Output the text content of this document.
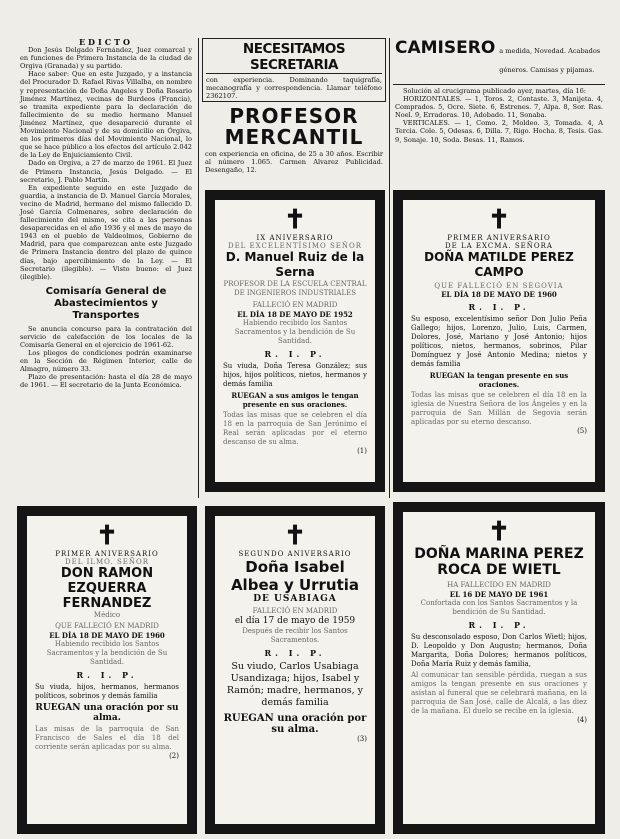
EDICTO
Don Jesús Delgado Fernández, Juez comarcal y en funciones de Primera Instancia de la ciudad de Orgiva (Granada) y su partido.
Hace saber: Que en este Juzgado, y a instancia del Procurador D. Rafael Rivas Villalba, en nombre y representación de Doña Angeles y Doña Rosario Jiménez Martínez, vecinas de Burdeos (Francia), se tramita expediente para la declaración de fallecimiento de su medio hermano Manuel Jiménez Martínez, que desapareció durante el Movimiento Nacional y de su domicilio en Órgiva, en los primeros días del Movimiento Nacional, lo que se hace público a los efectos del artículo 2.042 de la Ley de Enjuiciamiento Civil.
Dado en Orgiva, a 27 de marzo de 1961. El Juez de Primera Instancia, Jesús Delgado. — El secretario, J. Pablo Martín.
En expediente seguido en este Juzgado de guardia, a instancia de D. Manuel García Morales, vecino de Madrid, hermano del mismo fallecido D. José García Colmenares, sobre declaración de fallecimiento del mismo, se cita a las personas desaparecidas en el año 1936 y el mes de mayo de 1943 en el pueblo de Valdeolmos, Gobierno de Madrid, para que comparezcan ante este Juzgado de Primera Instancia dentro del plazo de quince días, bajo apercibimiento de la Ley. — El Secretario (ilegible). — Visto bueno: el Juez (ilegible).
Comisaría General de Abastecimientos y Transportes
Se anuncia concurso para la contratación del servicio de calefacción de los locales de la Comisaría General en el ejercicio de 1961-62.
Los pliegos de condiciones podrán examinarse en la Sección de Régimen Interior, calle de Almagro, número 33.
Plazo de presentación: hasta el día 28 de mayo de 1961. — El secretario de la Junta Económica.
NECESITAMOS SECRETARIA
con experiencia. Dominando taquigrafía, mecanografía y correspondencia. Llamar teléfono 2362107.
PROFESOR MERCANTIL
con experiencia en oficina, de 25 a 30 años. Escribir al número 1.065. Carmen Alvarez Publicidad. Desengaño, 12.
CAMISERO a medida, Novedad. Acabados géneros. Camisas y pijamas.
Solución al crucigrama publicado ayer, martes, día 16:
HORIZONTALES. — 1, Toros. 2, Contaste. 3, Manijeta. 4, Comprados. 5, Ocre. Siete. 6, Estrenes. 7, Alpa. 8, Sor. Ras. Noel. 9, Erradoras. 10, Adobado. 11, Sonaba.
VERTICALES. — 1, Como. 2, Moldeo. 3, Tomada. 4, A Tercia. Cole. 5, Odesas. 6, Dilla. 7, Rigo. Hocha. 8, Tesis. Gas. 9, Sonaje. 10, Soda. Besas. 11, Ramos.
✝
IX ANIVERSARIO
DEL EXCELENTÍSIMO SEÑOR
D. Manuel Ruiz de la Serna
PROFESOR DE LA ESCUELA CENTRAL DE INGENIEROS INDUSTRIALES
FALLECIÓ EN MADRID
EL DÍA 18 DE MAYO DE 1952
Habiendo recibido los Santos Sacramentos y la bendición de Su Santidad.
R. I. P.
Su viuda, Doña Teresa González; sus hijos, hijos políticos, nietos, hermanos y demás familia
RUEGAN a sus amigos le tengan presente en sus oraciones.
Todas las misas que se celebren el día 18 en la parroquia de San Jerónimo el Real serán aplicadas por el eterno descanso de su alma.
(1)
✝
PRIMER ANIVERSARIO
DE LA EXCMA. SEÑORA
DOÑA MATILDE PEREZ CAMPO
QUE FALLECIÓ EN SEGOVIA
EL DÍA 18 DE MAYO DE 1960
R. I. P.
Su esposo, excelentísimo señor Don Julio Peña Gallego; hijos, Lorenzo, Julio, Luis, Carmen, Dolores, José, Mariano y José Antonio; hijos políticos, nietos, hermanos, sobrinos, Pilar Domínguez y José Antonio Medina; nietos y demás familia
RUEGAN la tengan presente en sus oraciones.
Todas las misas que se celebren el día 18 en la iglesia de Nuestra Señora de los Ángeles y en la parroquia de San Millán de Segovia serán aplicadas por su eterno descanso.
(5)
✝
PRIMER ANIVERSARIO
DEL ILMO. SEÑOR
DON RAMON EZQUERRA FERNANDEZ
Médico
QUE FALLECIÓ EN MADRID
EL DÍA 18 DE MAYO DE 1960
Habiendo recibido los Santos Sacramentos y la bendición de Su Santidad.
R. I. P.
Su viuda, hijos, hermanos, hermanos políticos, sobrinos y demás familia
RUEGAN una oración por su alma.
Las misas de la parroquia de San Francisco de Sales el día 18 del corriente serán aplicadas por su alma.
(2)
✝
SEGUNDO ANIVERSARIO
Doña Isabel Albea y Urrutia
DE USABIAGA
FALLECIÓ EN MADRID
el día 17 de mayo de 1959
Después de recibir los Santos Sacramentos.
R. I. P.
Su viudo, Carlos Usabiaga Usandizaga; hijos, Isabel y Ramón; madre, hermanos, y demás familia
RUEGAN una oración por su alma.
(3)
✝
DOÑA MARINA PEREZ ROCA DE WIETL
HA FALLECIDO EN MADRID
EL 16 DE MAYO DE 1961
Confortada con los Santos Sacramentos y la bendición de Su Santidad.
R. I. P.
Su desconsolado esposo, Don Carlos Wietl; hijos, D. Leopoldo y Don Augusto; hermanos, Doña Margarita, Doña Dolores; hermanos políticos, Doña María Ruiz y demás familia,
Al comunicar tan sensible pérdida, ruegan a sus amigos la tengan presente en sus oraciones y asistan al funeral que se celebrará mañana, en la parroquia de San José, calle de Alcalá, a las diez de la mañana. El duelo se recibe en la iglesia.
(4)
